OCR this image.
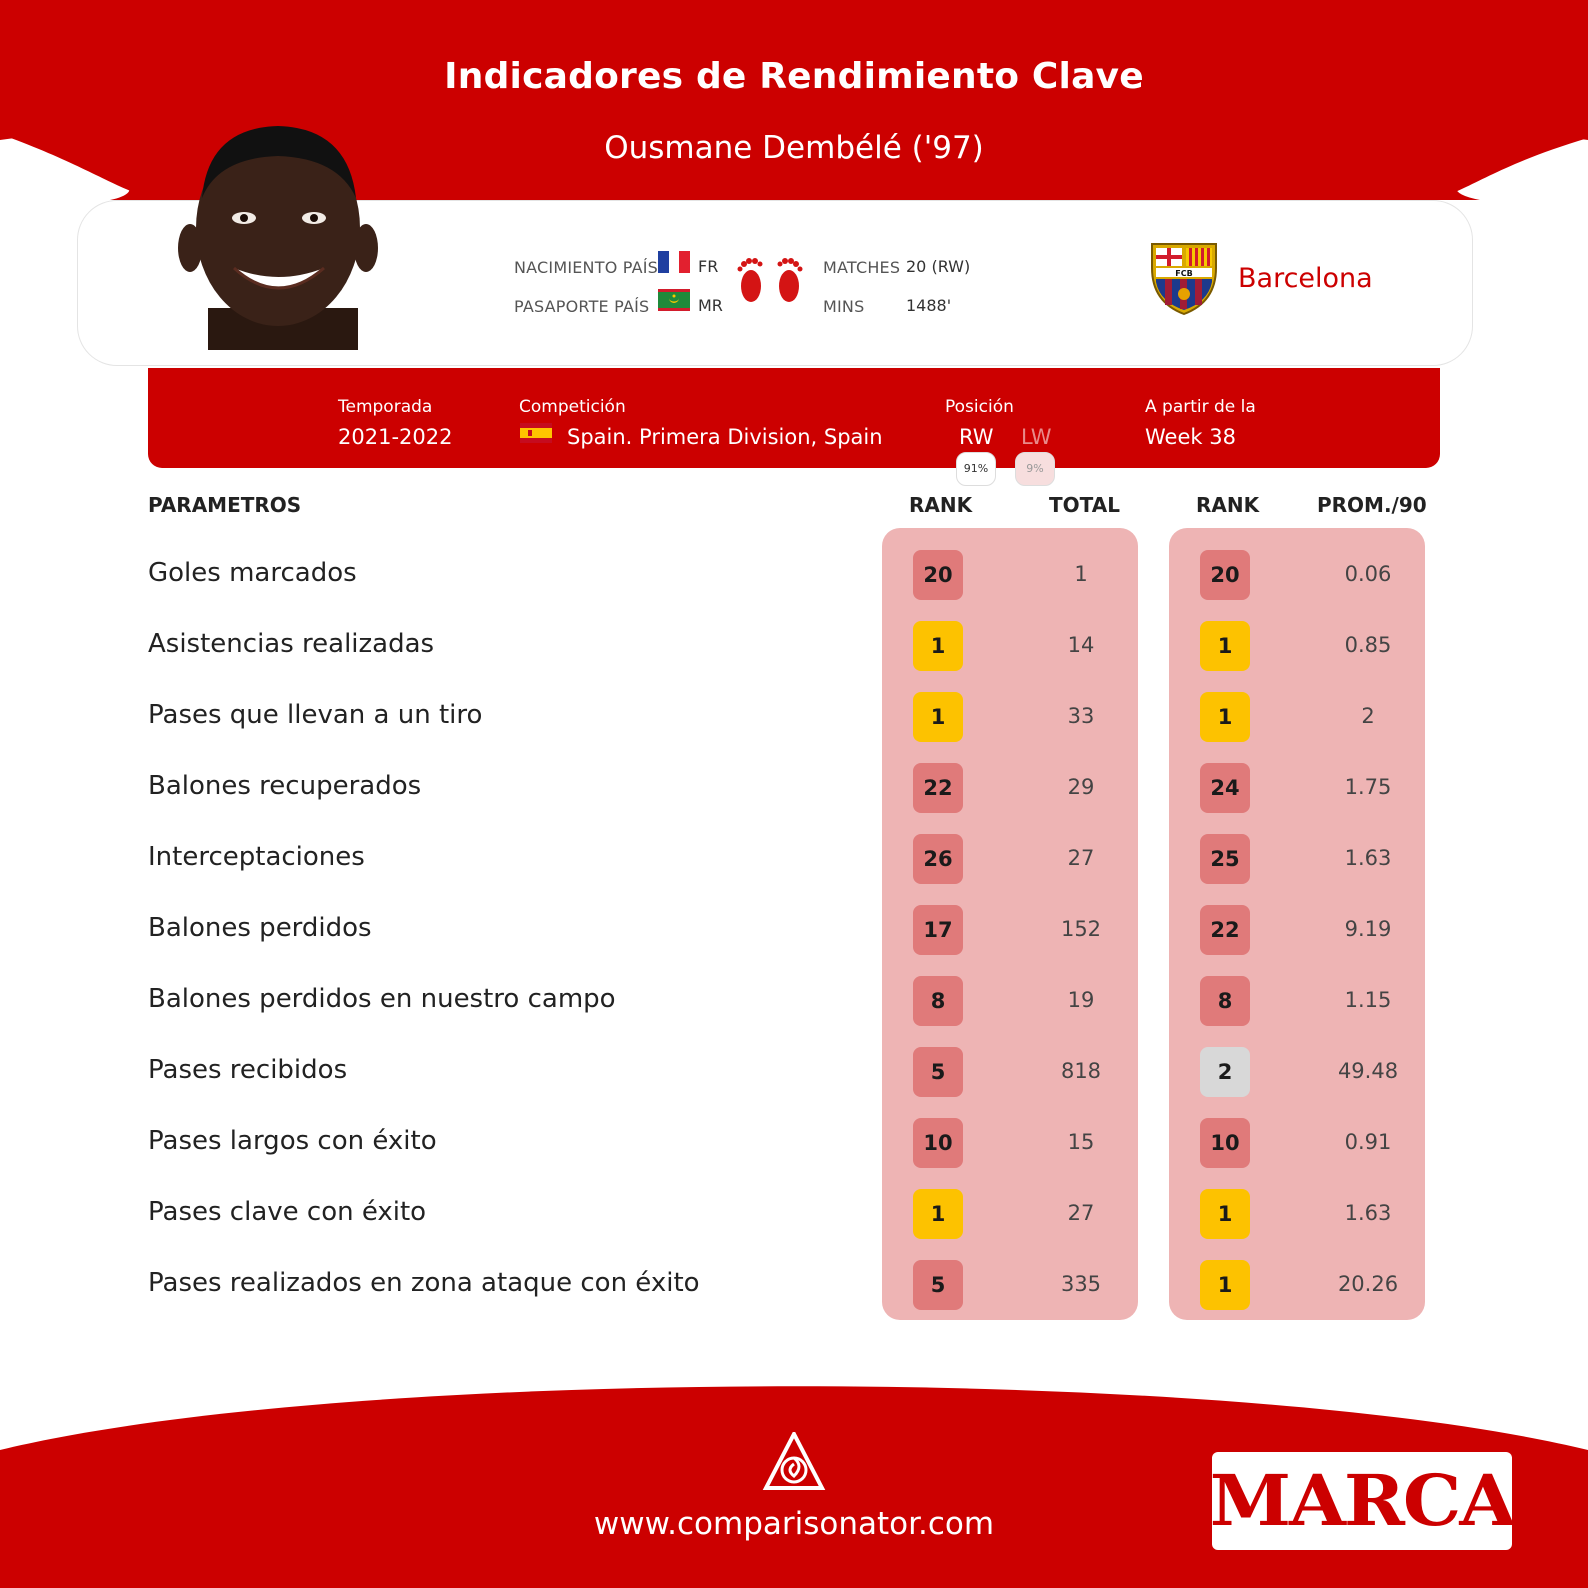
Indicadores de Rendimiento Clave
Ousmane Dembélé ('97)
NACIMIENTO PAÍS FR
PASAPORTE PAÍS	MR
MATCHES 20 (RW)
MINS	1488'
FCB Barcelona
Temporada
2021-2022
Competición
Spain. Primera Division, Spain
Posición
RW LW
91%	9%
A partir de la
Week 38
PARAMETROS	RANK	TOTAL	RANK	PROM./90
Goles marcados	20	1	20	0.06
Asistencias realizadas	1	14	1	0.85
Pases que llevan a un tiro	1	33	1	2
Balones recuperados	22	29	24	1.75
Interceptaciones	26	27	25	1.63
Balones perdidos	17	152	22	9.19
Balones perdidos en nuestro campo	8	19	8	1.15
Pases recibidos	5	818	2	49.48
Pases largos con éxito	10	15	10	0.91
Pases clave con éxito	1	27	1	1.63
Pases realizados en zona ataque con éxito	5	335	1	20.26
www.comparisonator.com	MARCA
